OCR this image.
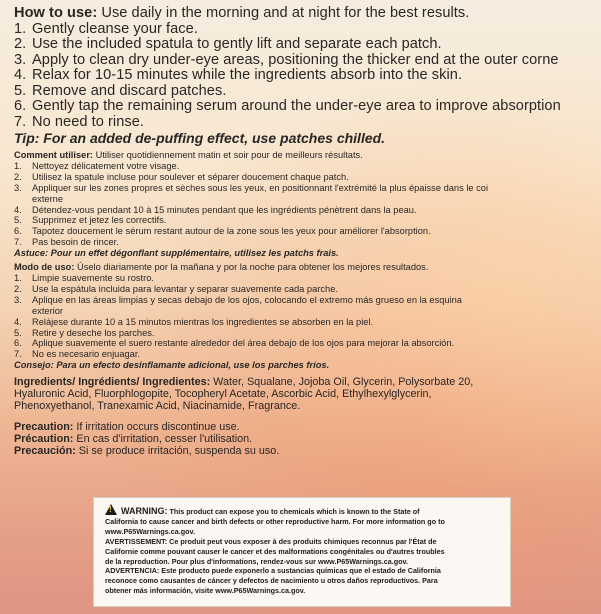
How to use: Use daily in the morning and at night for the best results.
1. Gently cleanse your face.
2. Use the included spatula to gently lift and separate each patch.
3. Apply to clean dry under-eye areas, positioning the thicker end at the outer corne
4. Relax for 10-15 minutes while the ingredients absorb into the skin.
5. Remove and discard patches.
6. Gently tap the remaining serum around the under-eye area to improve absorption
7. No need to rinse.
Tip: For an added de-puffing effect, use patches chilled.
Comment utiliser: Utiliser quotidiennement matin et soir pour de meilleurs résultats.
1.	Nettoyez délicatement votre visage.
2.	Utilisez la spatule incluse pour soulever et séparer doucement chaque patch.
3.	Appliquer sur les zones propres et sèches sous les yeux, en positionnant l'extrémité la plus épaisse dans le coi
externe
4.	Détendez-vous pendant 10 à 15 minutes pendant que les ingrédients pénètrent dans la peau.
5.	Supprimez et jetez les correctifs.
6.	Tapotez doucement le sérum restant autour de la zone sous les yeux pour améliorer l'absorption.
7.	Pas besoin de rincer.
Astuce: Pour un effet dégonflant supplémentaire, utilisez les patchs frais.
Modo de uso: Úselo diariamente por la mañana y por la noche para obtener los mejores resultados.
1.	Limpie suavemente su rostro.
2.	Use la espátula incluida para levantar y separar suavemente cada parche.
3.	Aplique en las áreas limpias y secas debajo de los ojos, colocando el extremo más grueso en la esquina
exterior
4.	Relájese durante 10 a 15 minutos mientras los ingredientes se absorben en la piel.
5.	Retire y deseche los parches.
6.	Aplique suavemente el suero restante alrededor del área debajo de los ojos para mejorar la absorción.
7.	No es necesario enjuagar.
Consejo: Para un efecto desinflamante adicional, use los parches fríos.
Ingredients/ Ingrédients/ Ingredientes: Water, Squalane, Jojoba Oil, Glycerin, Polysorbate 20,
Hyaluronic Acid, Fluorphlogopite, Tocopheryl Acetate, Ascorbic Acid, Ethylhexylglycerin,
Phenoxyethanol, Tranexamic Acid, Niacinamide, Fragrance.
Precaution: If irritation occurs discontinue use.
Précaution: En cas d'irritation, cesser l'utilisation.
Precaución: Si se produce irritación, suspenda su uso.
!WARNING: This product can expose you to chemicals which is known to the State of
California to cause cancer and birth defects or other reproductive harm. For more information go to
www.P65Warnings.ca.gov.
AVERTISSEMENT: Ce produit peut vous exposer à des produits chimiques reconnus par l'État de
Californie comme pouvant causer le cancer et des malformations congénitales ou d'autres troubles
de la reproduction. Pour plus d'informations, rendez-vous sur www.P65Warnings.ca.gov.
ADVERTENCIA: Este producto puede exponerlo a sustancias químicas que el estado de California
reconoce como causantes de cáncer y defectos de nacimiento u otros daños reproductivos. Para
obtener más información, visite www.P65Warnings.ca.gov.
